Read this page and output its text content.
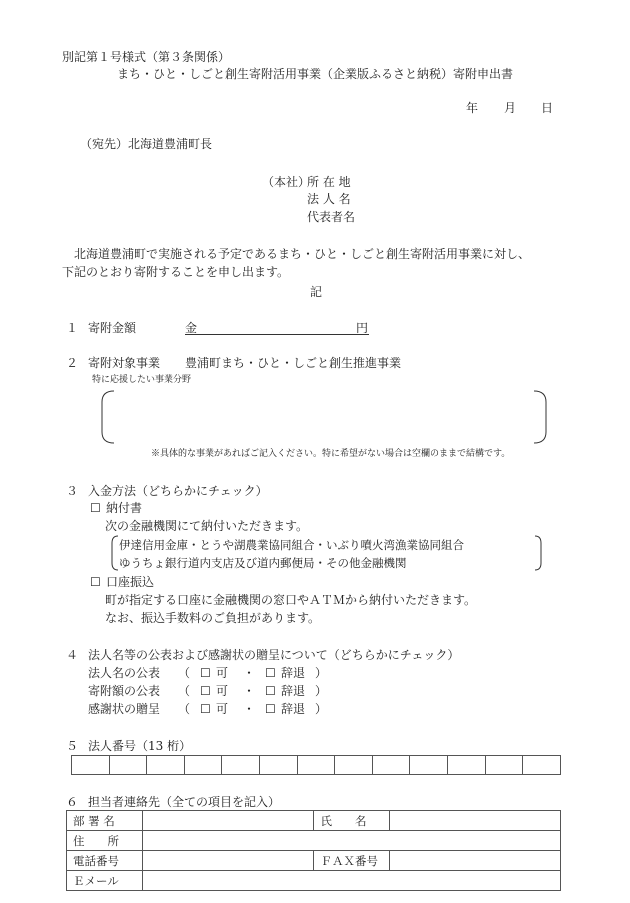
別記第１号様式（第３条関係）
まち・ひと・しごと創生寄附活用事業（企業版ふるさと納税）寄附申出書
年 月 日
（宛先）北海道豊浦町長
（本社）
所 在 地
法 人 名
代表者名
北海道豊浦町で実施される予定であるまち・ひと・しごと創生寄附活用事業に対し、
下記のとおり寄附することを申し出ます。
記
１ 寄附金額	金	円
２ 寄附対象事業 豊浦町まち・ひと・しごと創生推進事業
特に応援したい事業分野
※具体的な事業があればご記入ください。特に希望がない場合は空欄のままで結構です。
３ 入金方法（どちらかにチェック）
☐ 納付書
次の金融機関にて納付いただきます。
伊達信用金庫・とうや湖農業協同組合・いぶり噴火湾漁業協同組合
ゆうちょ銀行道内支店及び道内郵便局・その他金融機関
☐ 口座振込
町が指定する口座に金融機関の窓口やＡＴＭから納付いただきます。
なお、振込手数料のご負担があります。
４ 法人名等の公表および感謝状の贈呈について（どちらかにチェック）
法人名の公表 （ ☐ 可 ・ ☐ 辞退 ）
寄附額の公表 （ ☐ 可 ・ ☐ 辞退 ）
感謝状の贈呈 （ ☐ 可 ・ ☐ 辞退 ）
５ 法人番号（13 桁）

６ 担当者連絡先（全ての項目を記入）
部 署 名		氏　　名	
住　　所			
電話番号		ＦＡＸ番号	
Ｅメール			
